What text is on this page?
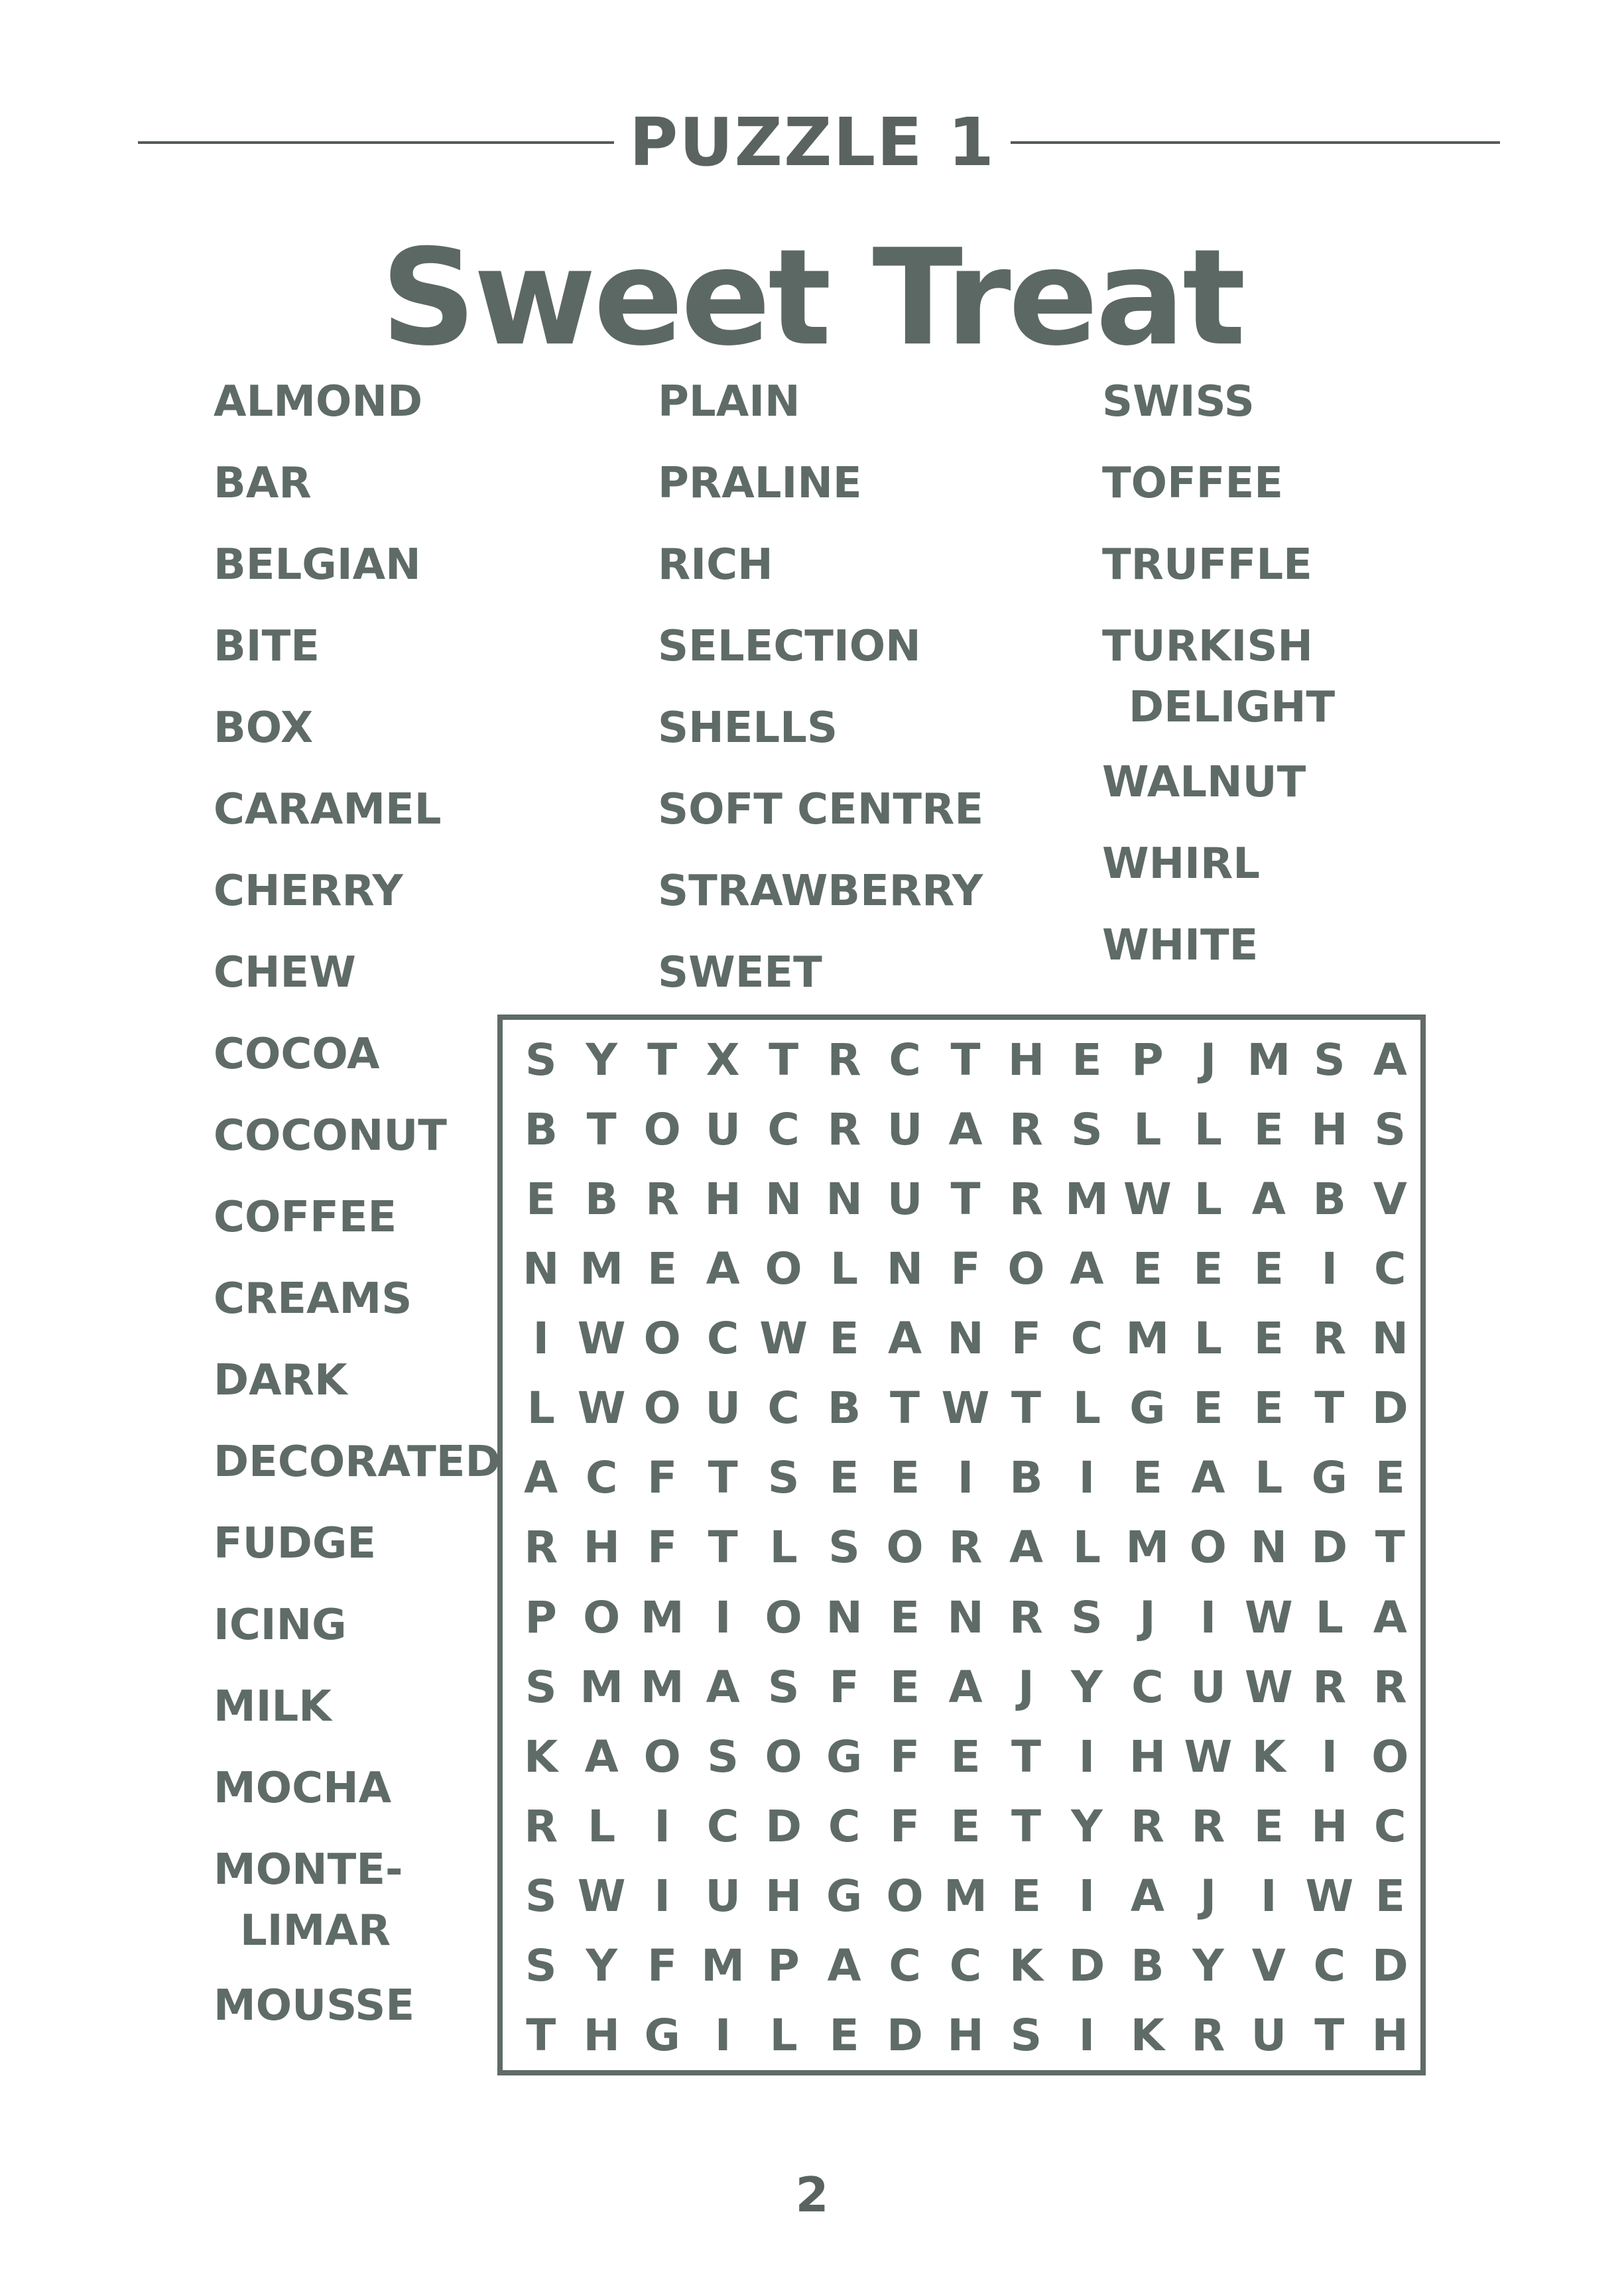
PUZZLE 1
Sweet Treat
ALMOND
BAR
BELGIAN
BITE
BOX
CARAMEL
CHERRY
CHEW
COCOA
COCONUT
COFFEE
CREAMS
DARK
DECORATED
FUDGE
ICING
MILK
MOCHA
MONTE-
LIMAR
MOUSSE
PLAIN
PRALINE
RICH
SELECTION
SHELLS
SOFT CENTRE
STRAWBERRY
SWEET
SWISS
TOFFEE
TRUFFLE
TURKISH
DELIGHT
WALNUT
WHIRL
WHITE
S Y T X T R C T H E P J M S A
B T O U C R U A R S L L E H S
E B R H N N U T R M W L A B V
N M E A O L N F O A E E E I C
I W O C W E A N F C M L E R N
L W O U C B T W T L G E E T D
A C F T S E E I B I E A L G E
R H F T L S O R A L M O N D T
P O M I O N E N R S J	I W L A
S M M A S F E A J Y C U W R R
K A O S O G F E T I H W K I O
R L I C D C F E T Y R R E H C
S W I U H G O M E I A J	I W E
S Y F M P A C C K D B Y V C D
T H G I L E D H S I K R U T H
2
